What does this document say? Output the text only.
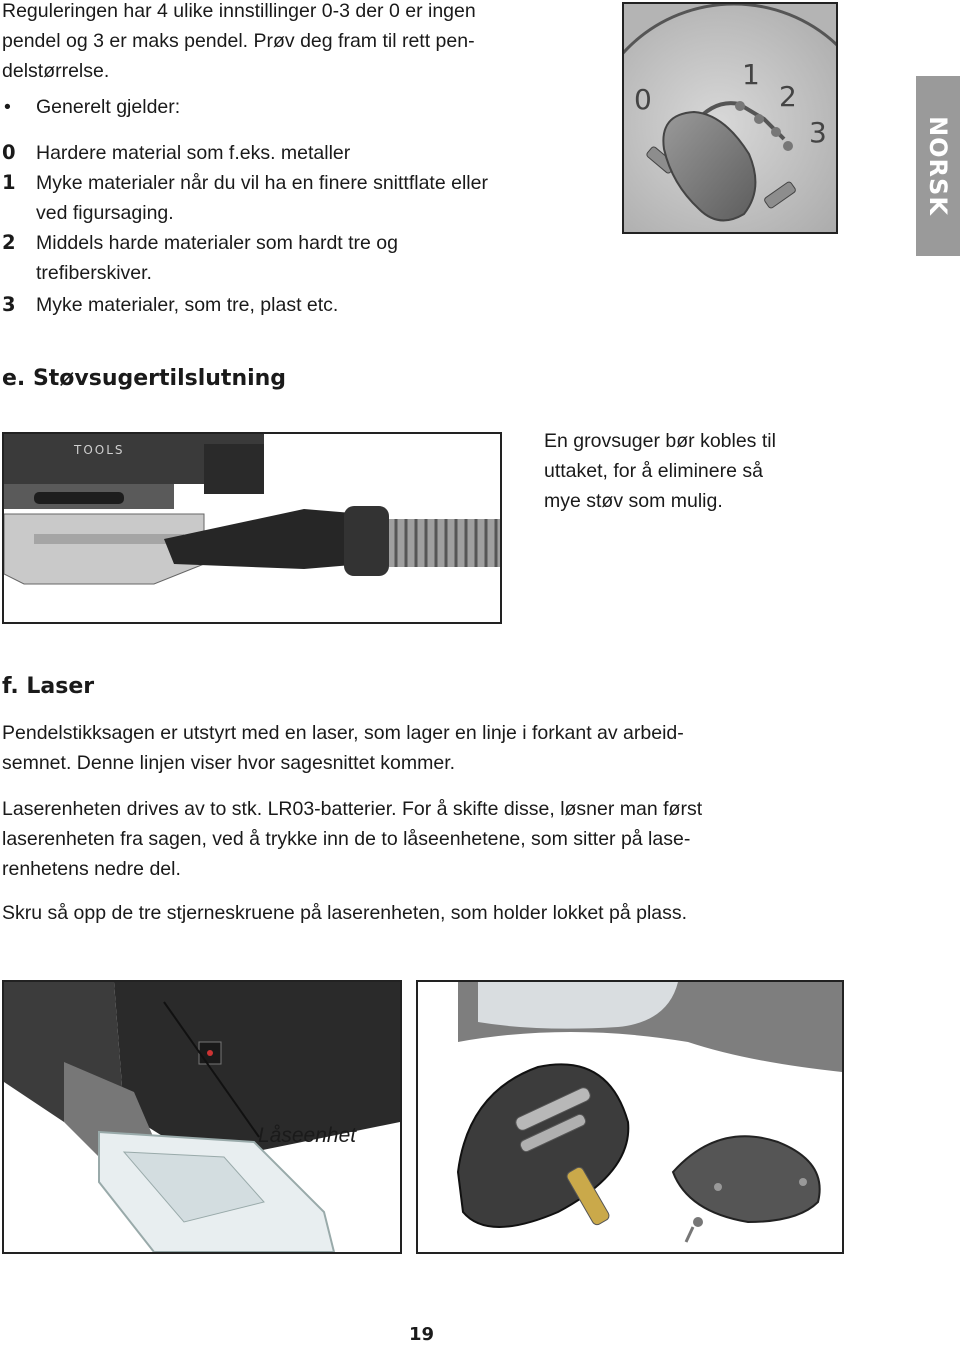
Reguleringen har 4 ulike innstillinger 0-3 der 0 er ingen
pendel og 3 er maks pendel. Prøv deg fram til rett pen-
delstørrelse.
• Generelt gjelder:
0 Hardere material som f.eks. metaller
1 Myke materialer når du vil ha en finere snittflate eller
ved figursaging.
2 Middels harde materialer som hardt tre og
trefiberskiver.
3 Myke materialer, som tre, plast etc.
0
1
2
3	NORSK
e. Støvsugertilslutning
TOOLS	En grovsuger bør kobles til
uttaket, for å eliminere så
mye støv som mulig.
f. Laser
Pendelstikksagen er utstyrt med en laser, som lager en linje i forkant av arbeid-
semnet. Denne linjen viser hvor sagesnittet kommer.
Laserenheten drives av to stk. LR03-batterier. For å skifte disse, løsner man først
laserenheten fra sagen, ved å trykke inn de to låseenhetene, som sitter på lase-
renhetens nedre del.
Skru så opp de tre stjerneskruene på laserenheten, som holder lokket på plass.
Låseenhet
19
